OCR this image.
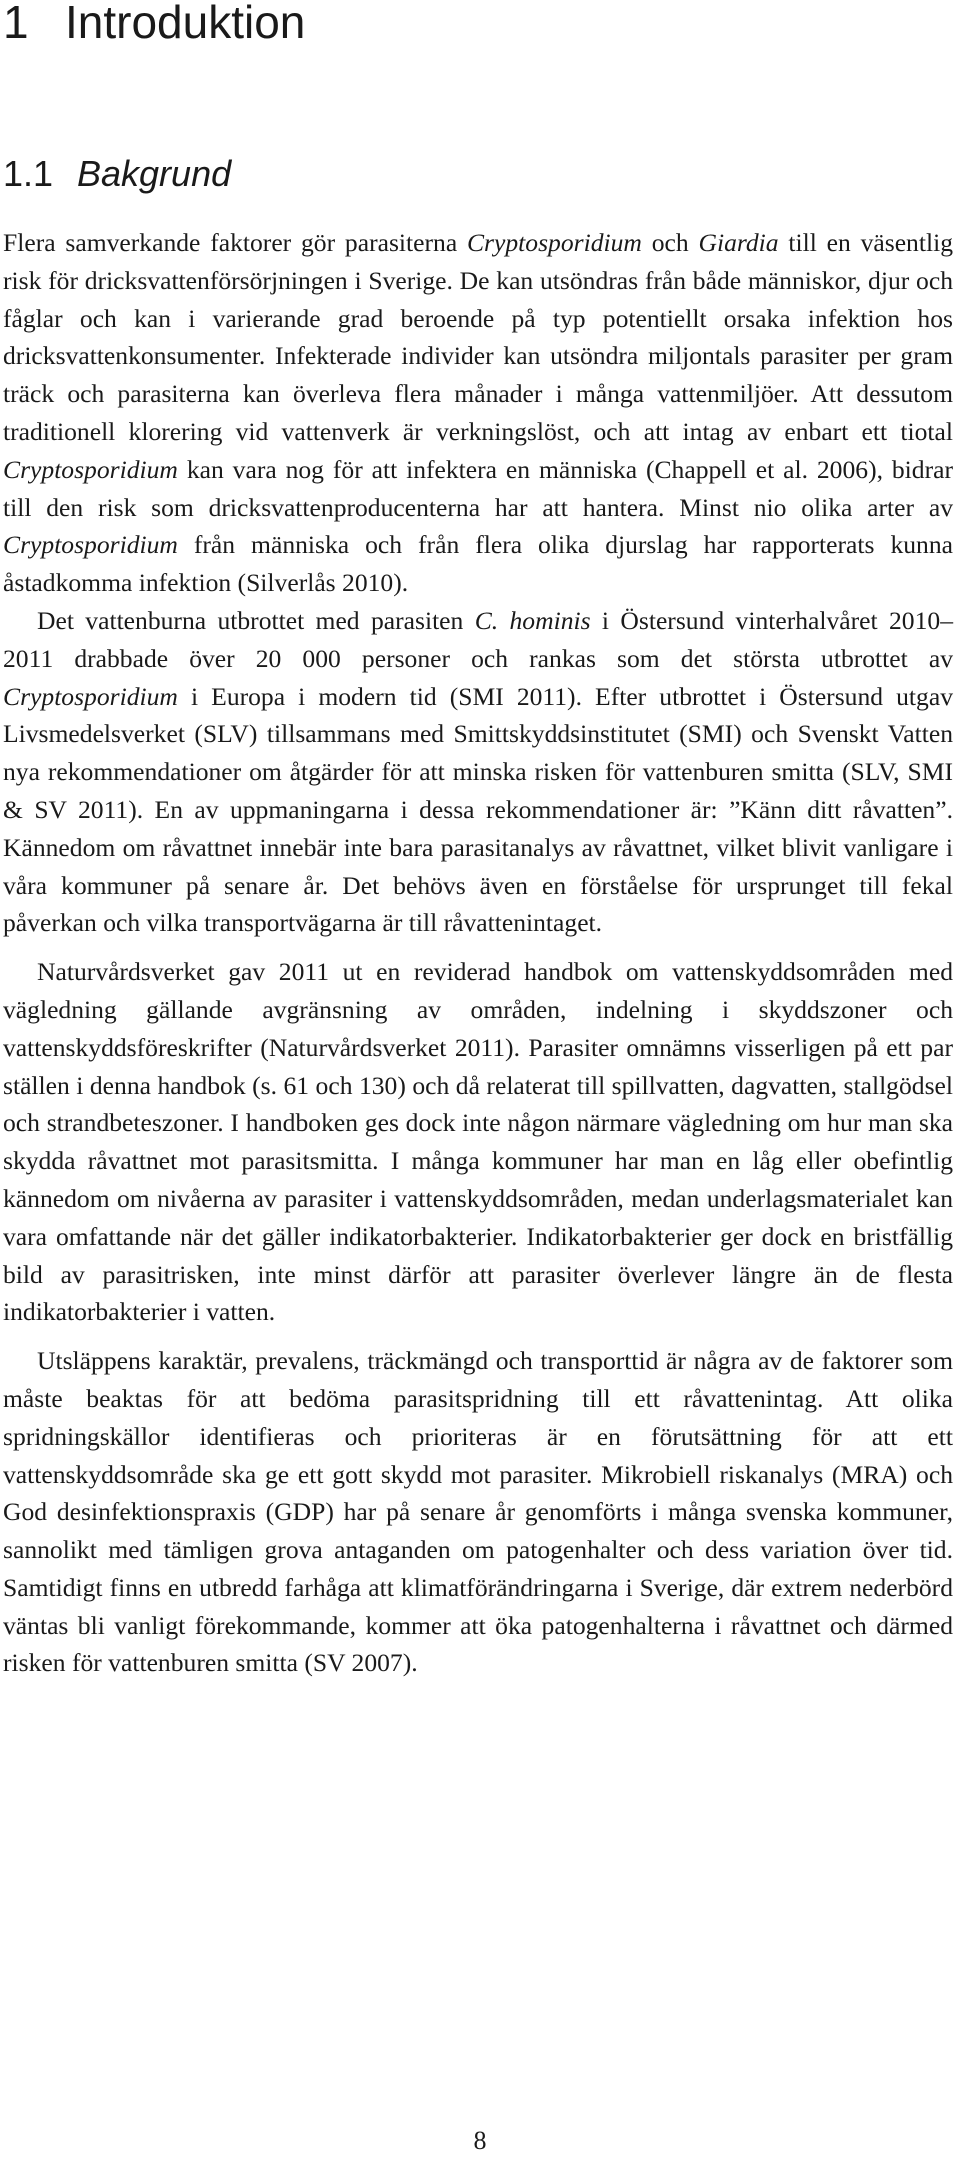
1 Introduktion
1.1 Bakgrund

Flera samverkande faktorer gör parasiterna Cryptosporidium och Giardia till en väsentlig risk för dricksvattenförsörjningen i Sverige. De kan utsöndras från både människor, djur och fåglar och kan i varierande grad beroende på typ potentiellt orsaka infektion hos dricksvattenkonsumenter. Infekterade individer kan utsöndra miljontals parasiter per gram träck och parasiterna kan överleva flera månader i många vattenmiljöer. Att dessutom traditionell klorering vid vattenverk är verkningslöst, och att intag av enbart ett tiotal Cryptosporidium kan vara nog för att infektera en människa (Chappell et al. 2006), bidrar till den risk som dricksvattenproducenterna har att hantera. Minst nio olika arter av Cryptosporidium från människa och från flera olika djurslag har rapporterats kunna åstadkomma infektion (Silverlås 2010).

Det vattenburna utbrottet med parasiten C. hominis i Östersund vinterhalvåret 2010–2011 drabbade över 20 000 personer och rankas som det största utbrottet av Cryptosporidium i Europa i modern tid (SMI 2011). Efter utbrottet i Östersund utgav Livsmedelsverket (SLV) tillsammans med Smittskyddsinstitutet (SMI) och Svenskt Vatten nya rekommendationer om åtgärder för att minska risken för vattenburen smitta (SLV, SMI & SV 2011). En av uppmaningarna i dessa rekommendationer är: ”Känn ditt råvatten”. Kännedom om råvattnet innebär inte bara parasitanalys av råvattnet, vilket blivit vanligare i våra kommuner på senare år. Det behövs även en förståelse för ursprunget till fekal påverkan och vilka transportvägarna är till råvattenintaget.

Naturvårdsverket gav 2011 ut en reviderad handbok om vattenskyddsområden med vägledning gällande avgränsning av områden, indelning i skyddszoner och vattenskyddsföreskrifter (Naturvårdsverket 2011). Parasiter omnämns visserligen på ett par ställen i denna handbok (s. 61 och 130) och då relaterat till spillvatten, dagvatten, stallgödsel och strandbeteszoner. I handboken ges dock inte någon närmare vägledning om hur man ska skydda råvattnet mot parasitsmitta. I många kommuner har man en låg eller obefintlig kännedom om nivåerna av parasiter i vattenskyddsområden, medan underlagsmaterialet kan vara omfattande när det gäller indikatorbakterier. Indikatorbakterier ger dock en bristfällig bild av parasitrisken, inte minst därför att parasiter överlever längre än de flesta indikatorbakterier i vatten.

Utsläppens karaktär, prevalens, träckmängd och transporttid är några av de faktorer som måste beaktas för att bedöma parasitspridning till ett råvattenintag. Att olika spridningskällor identifieras och prioriteras är en förutsättning för att ett vattenskyddsområde ska ge ett gott skydd mot parasiter. Mikrobiell riskanalys (MRA) och God desinfektionspraxis (GDP) har på senare år genomförts i många svenska kommuner, sannolikt med tämligen grova antaganden om patogenhalter och dess variation över tid. Samtidigt finns en utbredd farhåga att klimatförändringarna i Sverige, där extrem nederbörd väntas bli vanligt förekommande, kommer att öka patogenhalterna i råvattnet och därmed risken för vattenburen smitta (SV 2007).

8
